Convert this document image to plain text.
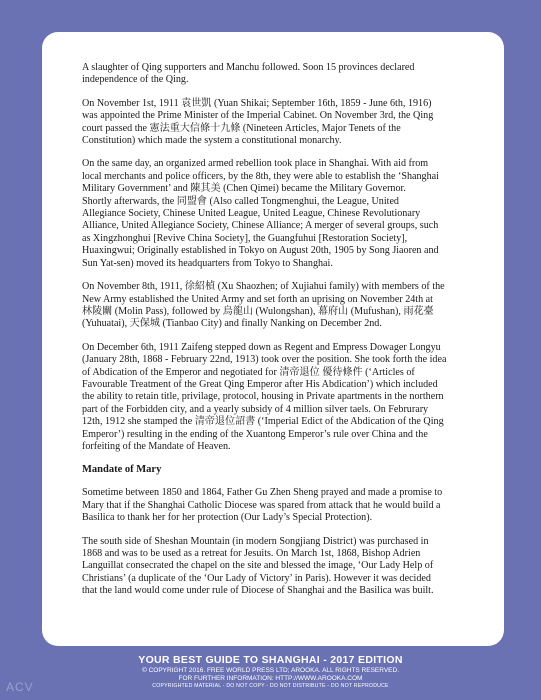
A slaughter of Qing supporters and Manchu followed. Soon 15 provinces declared
independence of the Qing.

On November 1st, 1911 袁世凱 (Yuan Shikai; September 16th, 1859 - June 6th, 1916)
was appointed the Prime Minister of the Imperial Cabinet. On November 3rd, the Qing
court passed the 憲法重大信條十九條 (Nineteen Articles, Major Tenets of the
Constitution) which made the system a constitutional monarchy.

On the same day, an organized armed rebellion took place in Shanghai. With aid from
local merchants and police officers, by the 8th, they were able to establish the ‘Shanghai
Military Government’ and 陳其美 (Chen Qimei) became the Military Governor.
Shortly afterwards, the 同盟會 (Also called Tongmenghui, the League, United
Allegiance Society, Chinese United League, United League, Chinese Revolutionary
Alliance, United Allegiance Society, Chinese Alliance; A merger of several groups, such
as Xingzhonghui [Revive China Society], the Guangfuhui [Restoration Society],
Huaxingwui; Originally established in Tokyo on August 20th, 1905 by Song Jiaoren and
Sun Yat-sen) moved its headquarters from Tokyo to Shanghai.

On November 8th, 1911, 徐紹楨 (Xu Shaozhen; of Xujiahui family) with members of the
New Army established the United Army and set forth an uprising on November 24th at
林陵關 (Molin Pass), followed by 烏龍山 (Wulongshan), 幕府山 (Mufushan), 雨花臺
(Yuhuatai), 天保城 (Tianbao City) and finally Nanking on December 2nd.

On December 6th, 1911 Zaifeng stepped down as Regent and Empress Dowager Longyu
(January 28th, 1868 - February 22nd, 1913) took over the position. She took forth the idea
of Abdication of the Emperor and negotiated for 清帝退位 優待條件 (‘Articles of
Favourable Treatment of the Great Qing Emperor after His Abdication’) which included
the ability to retain title, privilage, protocol, housing in Private apartments in the northern
part of the Forbidden city, and a yearly subsidy of 4 million silver taels. On Februrary
12th, 1912 she stamped the 清帝退位詔書 (‘Imperial Edict of the Abdication of the Qing
Emperor’) resulting in the ending of the Xuantong Emperor’s rule over China and the
forfeiting of the Mandate of Heaven.

Mandate of Mary

Sometime between 1850 and 1864, Father Gu Zhen Sheng prayed and made a promise to
Mary that if the Shanghai Catholic Diocese was spared from attack that he would build a
Basilica to thank her for her protection (Our Lady’s Special Protection).

The south side of Sheshan Mountain (in modern Songjiang District) was purchased in
1868 and was to be used as a retreat for Jesuits. On March 1st, 1868, Bishop Adrien
Languillat consecrated the chapel on the site and blessed the image, ‘Our Lady Help of
Christians’ (a duplicate of the ‘Our Lady of Victory’ in Paris). However it was decided
that the land would come under rule of Diocese of Shanghai and the Basilica was built.

YOUR BEST GUIDE TO SHANGHAI - 2017 EDITION
© COPYRIGHT 2016. FREE WORLD PRESS LTD; AROOKA. ALL RIGHTS RESERVED.
FOR FURTHER INFORMATION: HTTP://WWW.AROOKA.COM
COPYRIGHTED MATERIAL - DO NOT COPY - DO NOT DISTRIBUTE - DO NOT REPRODUCE
ACV
